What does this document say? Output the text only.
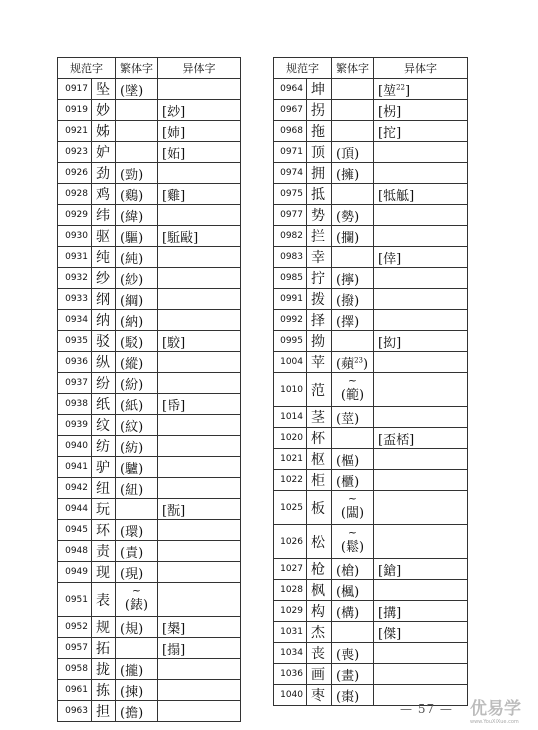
规范字		繁体字	异体字
0917	坠	(墜)	
0919	妙		[玅]
0921	姊		[姉]
0923	妒		[妬]
0926	劲	(勁)	
0928	鸡	(鷄)	[雞]
0929	纬	(緯)	
0930	驱	(驅)	[駈敺]
0931	纯	(純)	
0932	纱	(紗)	
0933	纲	(綱)	
0934	纳	(納)	
0935	驳	(駁)	[駮]
0936	纵	(縱)	
0937	纷	(紛)	
0938	纸	(紙)	[帋]
0939	纹	(紋)	
0940	纺	(紡)	
0941	驴	(驢)	
0942	纽	(紐)	
0944	玩		[翫]
0945	环	(環)	
0948	责	(責)	
0949	现	(現)	
0951	表	~
(錶)	
0952	规	(規)	[槼]
0957	拓		[搨]
0958	拢	(攏)	
0961	拣	(揀)	
0963	担	(擔)	
规范字		繁体字	异体字
0964	坤		[堃$^{22}$]
0967	拐		[柺]
0968	拖		[拕]
0971	顶	(頂)	
0974	拥	(擁)	
0975	抵		[牴觝]
0977	势	(勢)	
0982	拦	(攔)	
0983	幸		[倖]
0985	拧	(擰)	
0991	拨	(撥)	
0992	择	(擇)	
0995	拗		[抝]
1004	苹	(蘋$^{23}$)	
1010	范	~
(範)	
1014	茎	(莖)	
1020	杯		[盃桮]
1021	枢	(樞)	
1022	柜	(櫃)	
1025	板	~
(闆)	
1026	松	~
(鬆)	
1027	枪	(槍)	[鎗]
1028	枫	(楓)	
1029	构	(構)	[搆]
1031	杰		[傑]
1034	丧	(喪)	
1036	画	(畫)	
1040	枣	(棗)	
— 57 — 优易学
www.YouXiXue.com
